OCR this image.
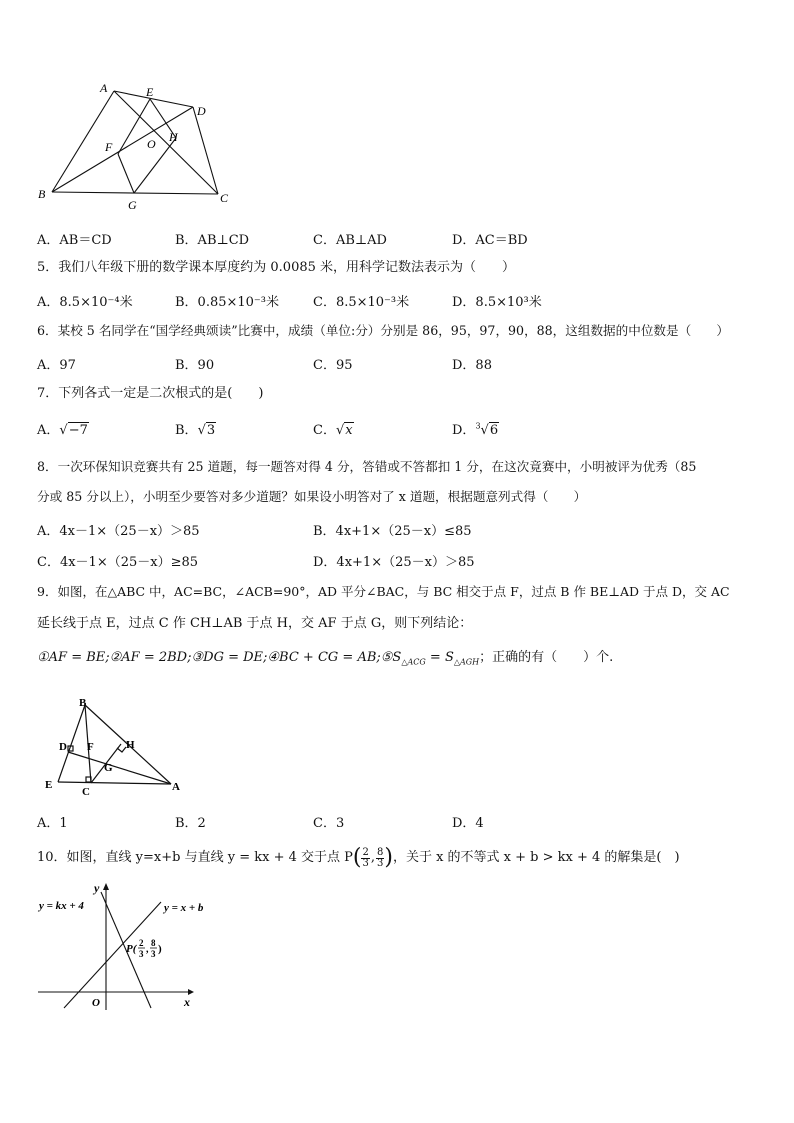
A	E
D
F	O H
B
G	C
A．AB＝CD	B．AB⊥CD	C．AB⊥AD	D．AC＝BD
5．我们八年级下册的数学课本厚度约为 0.0085 米，用科学记数法表示为（　　）
A．8.5×10⁻⁴米	B．0.85×10⁻³米	C．8.5×10⁻³米	D．8.5×10³米
6．某校 5 名同学在“国学经典颂读”比赛中，成绩（单位:分）分别是 86，95，97，90，88，这组数据的中位数是（　　）
A．97	B．90	C．95	D．88
7．下列各式一定是二次根式的是(　　)
A．√−7	B．√3	C．√x	D．$^3$√6
8．一次环保知识竞赛共有 25 道题，每一题答对得 4 分，答错或不答都扣 1 分，在这次竟赛中，小明被评为优秀（85
分或 85 分以上），小明至少要答对多少道题？如果设小明答对了 x 道题，根据题意列式得（　　）
A．4x－1×（25－x）＞85	B．4x+1×（25－x）≤85
C．4x－1×（25－x）≥85	D．4x+1×（25－x）＞85
9．如图，在△ABC 中，AC=BC，∠ACB=90°，AD 平分∠BAC，与 BC 相交于点 F，过点 B 作 BE⊥AD 于点 D，交 AC
延长线于点 E，过点 C 作 CH⊥AB 于点 H，交 AF 于点 G，则下列结论：
①AF = BE;②AF = 2BD;③DG = DE;④BC + CG = $AB;⑤S_{\triangle ACG} = S_{\triangle AGH}$；正确的有（　　）个.
B
D F	H
G
E
C	A
A．1	B．2	C．3	D．4
10．如图，直线 y=x+b 与直线 y = kx + 4 交于点 P ( $\frac{2}{3}$ , $\frac{8}{3}$ ) ，关于 x 的不等式 x + b > kx + 4 的解集是(　)
y
x
O
y = kx + 4	y = x + b
P( 2
3 ,
8
3 )
